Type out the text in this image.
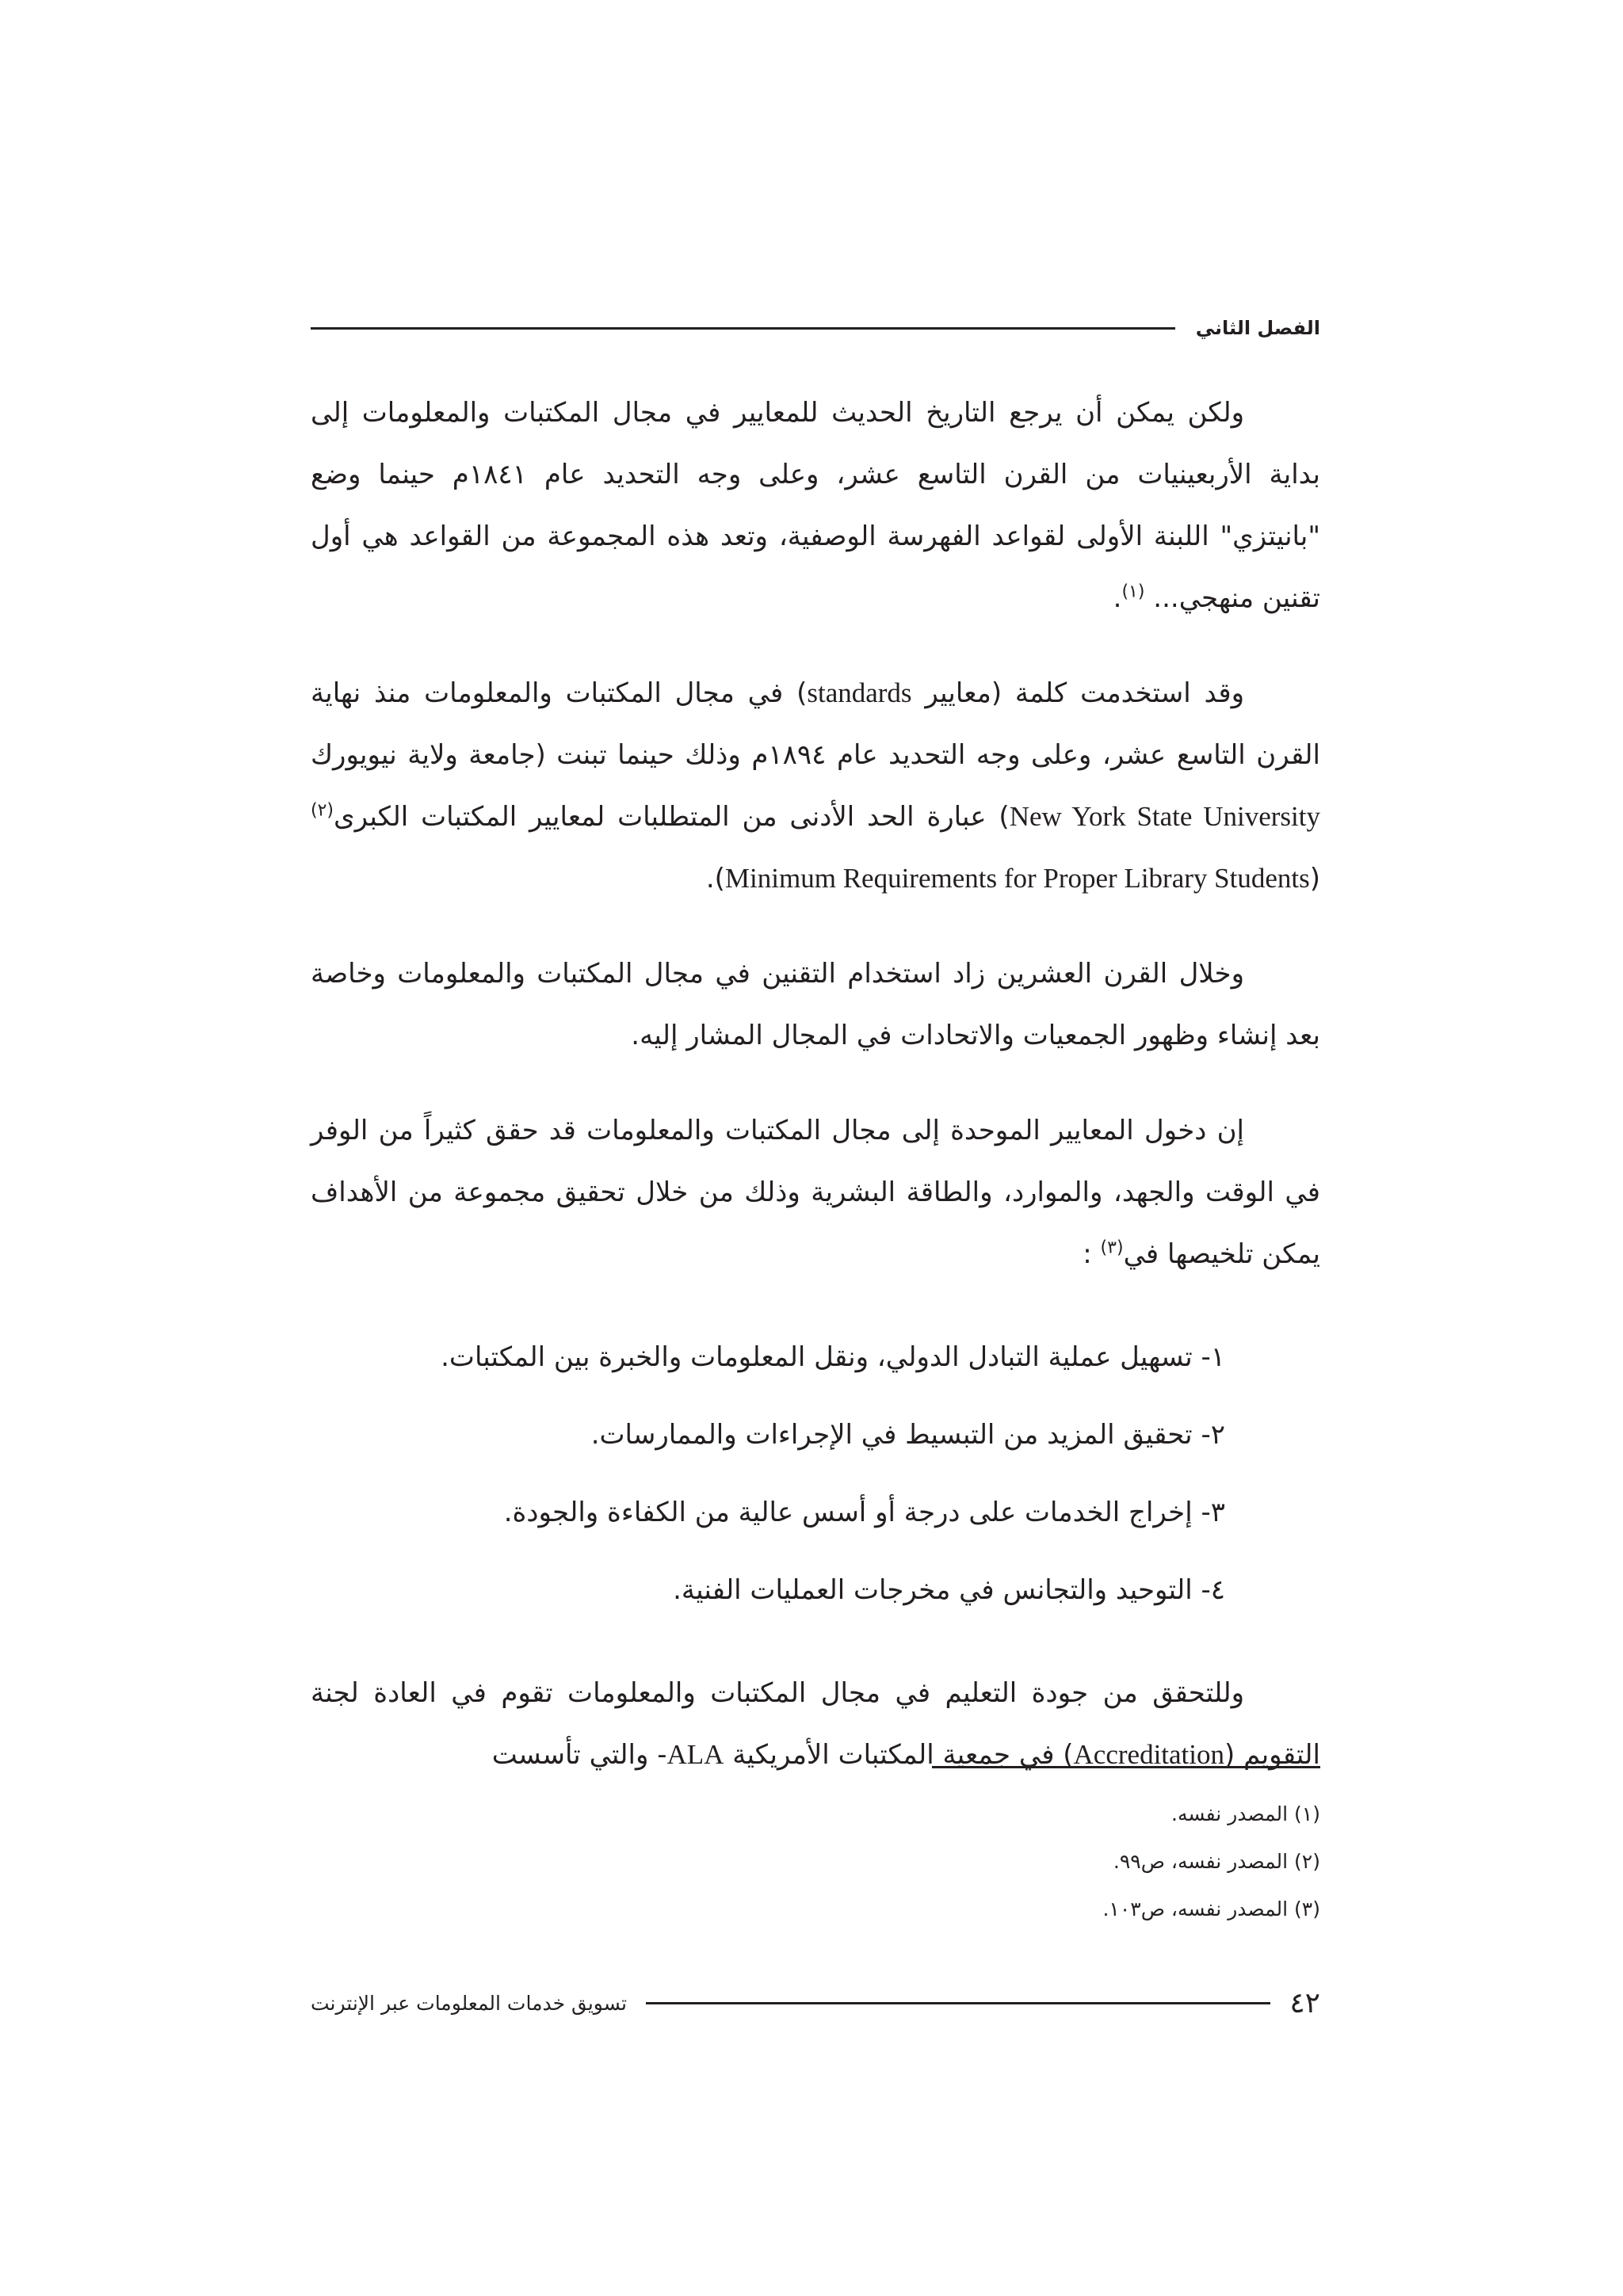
الفصل الثاني

ولكن يمكن أن يرجع التاريخ الحديث للمعايير في مجال المكتبات والمعلومات إلى بداية الأربعينيات من القرن التاسع عشر، وعلى وجه التحديد عام ١٨٤١م حينما وضع "بانيتزي" اللبنة الأولى لقواعد الفهرسة الوصفية، وتعد هذه المجموعة من القواعد هي أول تقنين منهجي... $^{(١)}$.

وقد استخدمت كلمة (معايير standards) في مجال المكتبات والمعلومات منذ نهاية القرن التاسع عشر، وعلى وجه التحديد عام ١٨٩٤م وذلك حينما تبنت (جامعة ولاية نيويورك New York State University) عبارة الحد الأدنى من المتطلبات لمعايير المكتبات الكبرى$^{(٢)}$ (Minimum Requirements for Proper Library Students).

وخلال القرن العشرين زاد استخدام التقنين في مجال المكتبات والمعلومات وخاصة بعد إنشاء وظهور الجمعيات والاتحادات في المجال المشار إليه.

إن دخول المعايير الموحدة إلى مجال المكتبات والمعلومات قد حقق كثيراً من الوفر في الوقت والجهد، والموارد، والطاقة البشرية وذلك من خلال تحقيق مجموعة من الأهداف يمكن تلخيصها في$^{(٣)}$ :

١- تسهيل عملية التبادل الدولي، ونقل المعلومات والخبرة بين المكتبات.
٢- تحقيق المزيد من التبسيط في الإجراءات والممارسات.
٣- إخراج الخدمات على درجة أو أسس عالية من الكفاءة والجودة.
٤- التوحيد والتجانس في مخرجات العمليات الفنية.

وللتحقق من جودة التعليم في مجال المكتبات والمعلومات تقوم في العادة لجنة التقويم (Accreditation) في جمعية المكتبات الأمريكية ALA- والتي تأسست

(١) المصدر نفسه.
(٢) المصدر نفسه، ص٩٩.
(٣) المصدر نفسه، ص١٠٣.
٤٢
تسويق خدمات المعلومات عبر الإنترنت
